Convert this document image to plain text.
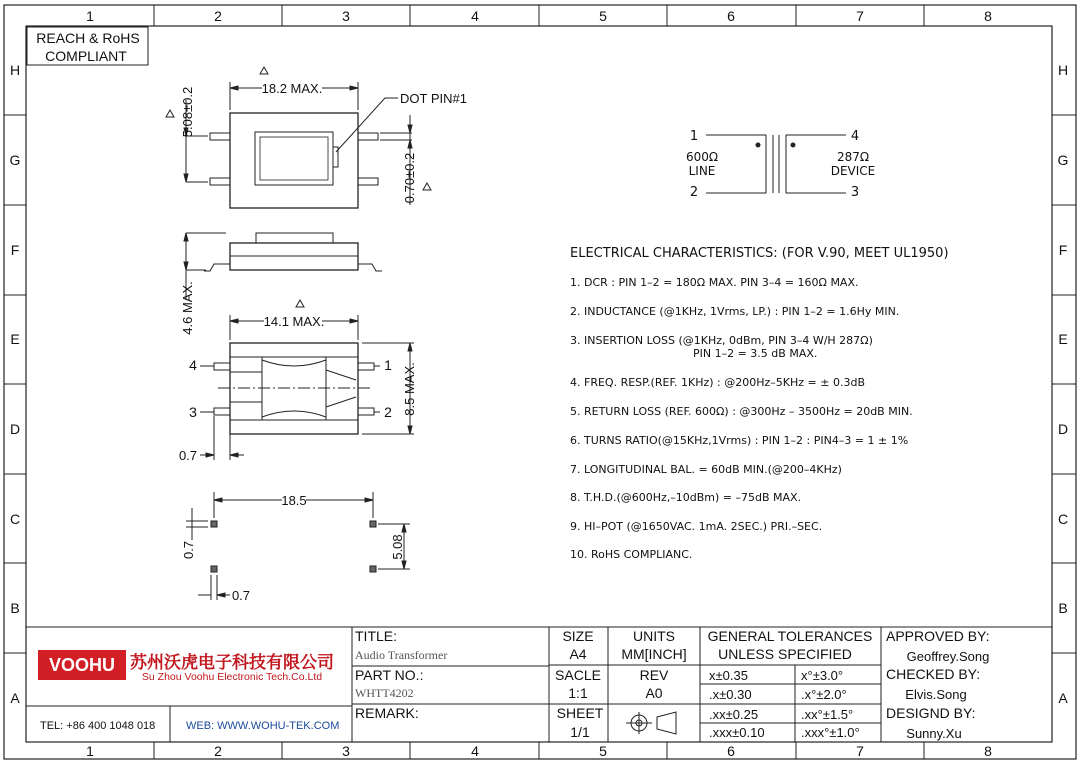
1	2	3	4	5	6	7	8
1	2	3	4	5	6	7	8
H
G
F
E
D
C
B
A
H
G
F
E
D
C
B
A
REACH & RoHS
COMPLIANT
18.2 MAX.
DOT PIN#1
5.08±0.2
0.70±0.2
4.6 MAX.	14.1 MAX.
8.5 MAX.
4
3
1
2
0.7
18.5
0.7	5.08
0.7
1
2	3
4
600Ω
LINE
287Ω
DEVICE
ELECTRICAL CHARACTERISTICS: (FOR V.90, MEET UL1950)
1. DCR : PIN 1–2 = 180Ω MAX. PIN 3–4 = 160Ω MAX.
2. INDUCTANCE (@1KHz, 1Vrms, LP.) : PIN 1–2 = 1.6Hy MIN.
3. INSERTION LOSS (@1KHz, 0dBm, PIN 3–4 W/H 287Ω)
PIN 1–2 = 3.5 dB MAX.
4. FREQ. RESP.(REF. 1KHz) : @200Hz–5KHz = ± 0.3dB
5. RETURN LOSS (REF. 600Ω) : @300Hz – 3500Hz = 20dB MIN.
6. TURNS RATIO(@15KHz,1Vrms) : PIN 1–2 : PIN4–3 = 1 ± 1%
7. LONGITUDINAL BAL. = 60dB MIN.(@200–4KHz)
8. T.H.D.(@600Hz,–10dBm) = –75dB MAX.
9. HI–POT (@1650VAC. 1mA. 2SEC.) PRI.–SEC.
10. RoHS COMPLIANC.
VOOHU 苏州沃虎电子科技有限公司
Su Zhou Voohu Electronic Tech.Co.Ltd
TEL: +86 400 1048 018	WEB: WWW.WOHU-TEK.COM
TITLE:
Audio Transformer
PART NO.:
WHTT4202
REMARK:
SIZE
A4
UNITS
MM[INCH]
SACLE
1:1
REV
A0
SHEET
1/1
GENERAL TOLERANCES
UNLESS SPECIFIED
x±0.35	x°±3.0°
.x±0.30	.x°±2.0°
.xx±0.25	.xx°±1.5°
.xxx±0.10	.xxx°±1.0°
APPROVED BY:
Geoffrey.Song
CHECKED BY:
Elvis.Song
DESIGND BY:
Sunny.Xu
